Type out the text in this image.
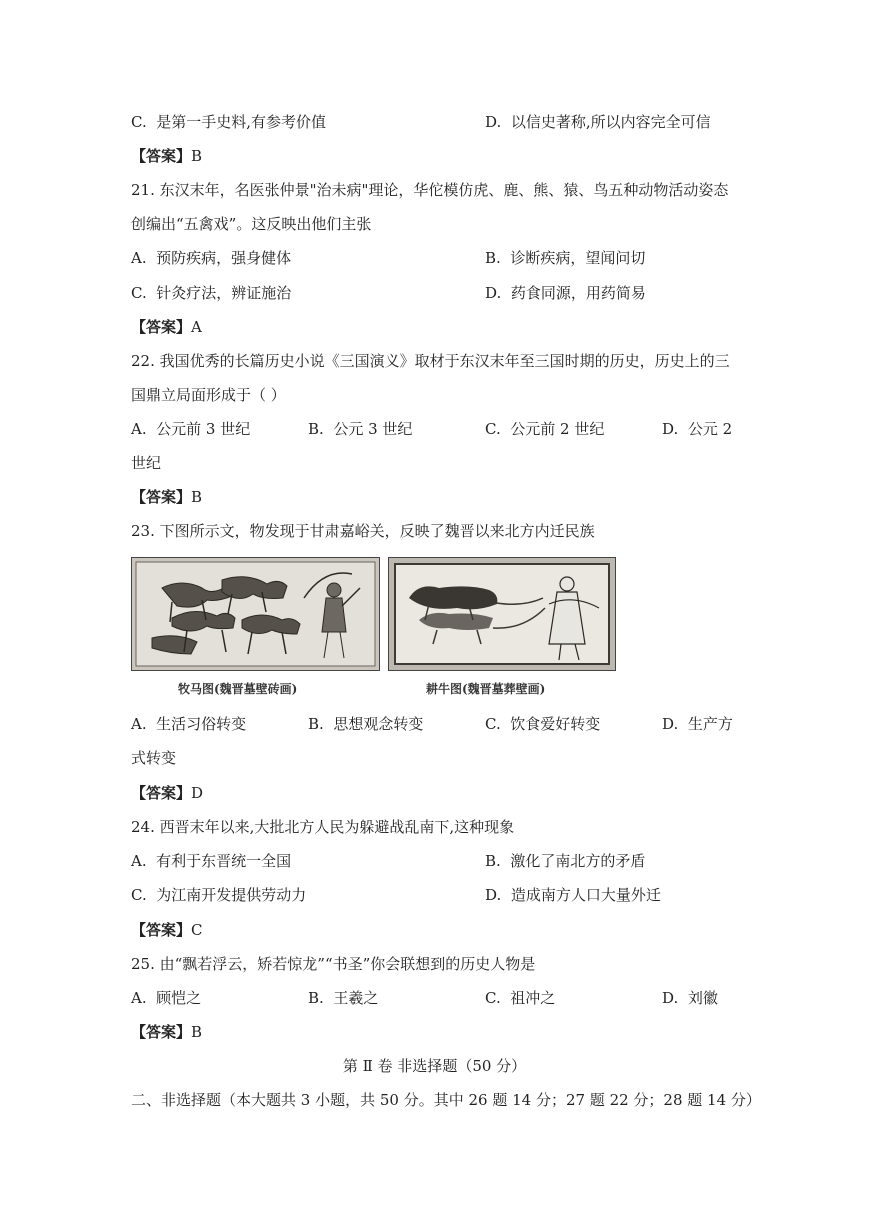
C. 是第一手史料,有参考价值	D. 以信史著称,所以内容完全可信
【答案】B
21. 东汉末年，名医张仲景"治未病"理论，华佗模仿虎、鹿、熊、猿、鸟五种动物活动姿态
创编出“五禽戏”。这反映出他们主张
A. 预防疾病，强身健体	B. 诊断疾病，望闻问切
C. 针灸疗法，辨证施治	D. 药食同源，用药简易
【答案】A
22. 我国优秀的长篇历史小说《三国演义》取材于东汉末年至三国时期的历史，历史上的三
国鼎立局面形成于（ ）
A. 公元前 3 世纪	B. 公元 3 世纪	C. 公元前 2 世纪	D. 公元 2
世纪
【答案】B
23. 下图所示文，物发现于甘肃嘉峪关，反映了魏晋以来北方内迁民族
牧马图(魏晋墓壁砖画)	耕牛图(魏晋墓葬壁画)
A. 生活习俗转变	B. 思想观念转变	C. 饮食爱好转变	D. 生产方
式转变
【答案】D
24. 西晋末年以来,大批北方人民为躲避战乱南下,这种现象
A. 有利于东晋统一全国	B. 激化了南北方的矛盾
C. 为江南开发提供劳动力	D. 造成南方人口大量外迁
【答案】C
25. 由“飘若浮云，矫若惊龙”“书圣”你会联想到的历史人物是
A. 顾恺之	B. 王羲之	C. 祖冲之	D. 刘徽
【答案】B
第 Ⅱ 卷 非选择题（50 分）
二、非选择题（本大题共 3 小题，共 50 分。其中 26 题 14 分；27 题 22 分；28 题 14 分）
